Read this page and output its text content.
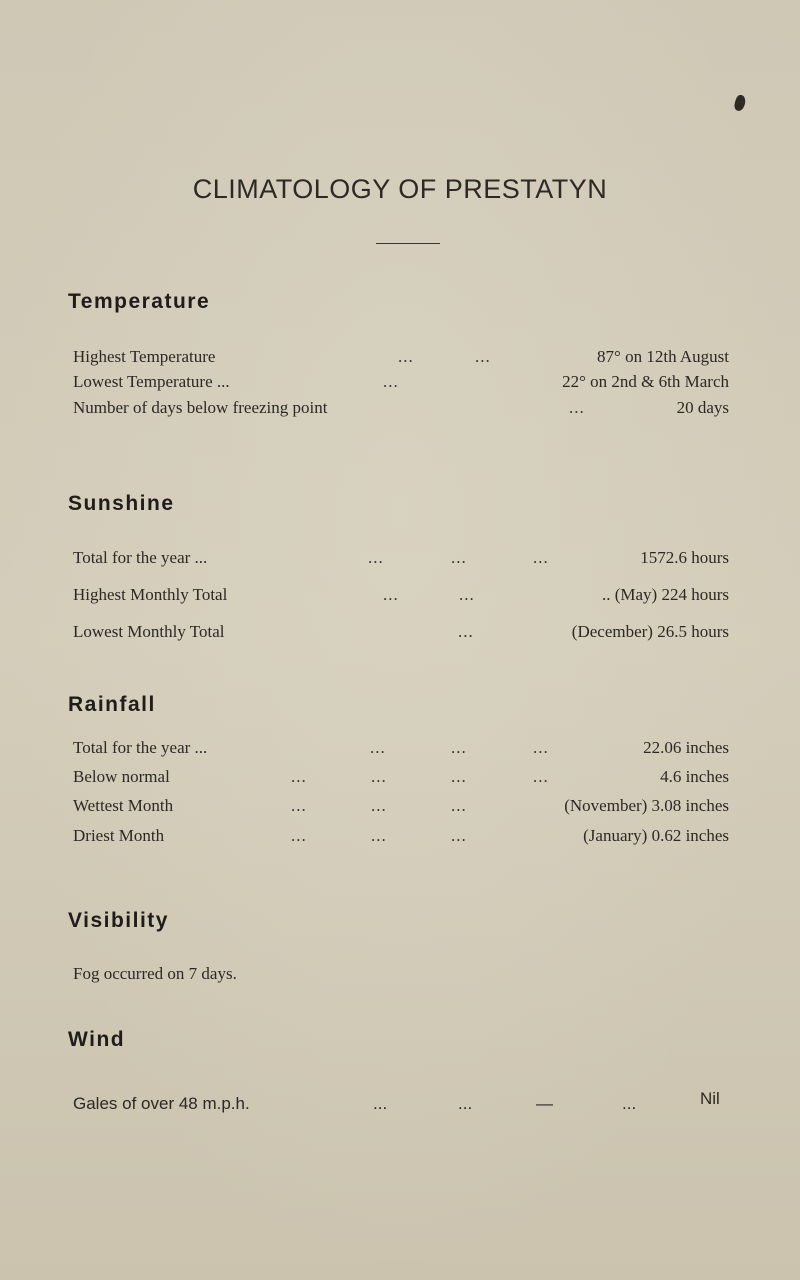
CLIMATOLOGY OF PRESTATYN
Temperature
Highest Temperature	...	...	87° on 12th August
Lowest Temperature ...	...	22° on 2nd & 6th March
Number of days below freezing point	...	20 days
Sunshine
Total for the year ...	...	...	...	1572.6 hours
Highest Monthly Total	...	...	.. (May) 224 hours
Lowest Monthly Total	...	(December) 26.5 hours
Rainfall
Total for the year ...	...	...	...	22.06 inches
Below normal	...	...	...	...	4.6 inches
Wettest Month	...	...	...	(November) 3.08 inches
Driest Month	...	...	...	(January) 0.62 inches
Visibility
Fog occurred on 7 days.
Wind
Gales of over 48 m.p.h.	...	...	—	...	Nil
